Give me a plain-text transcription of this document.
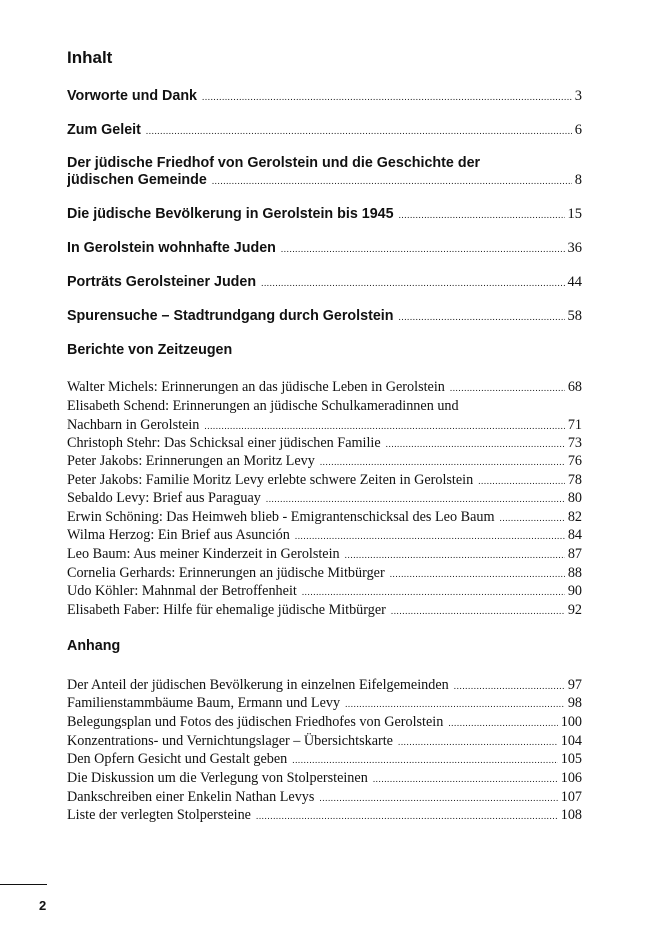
Inhalt
Vorworte und Dank .....	3
Zum Geleit .....	6
Der jüdische Friedhof von Gerolstein und die Geschichte der
jüdischen Gemeinde .....	8
Die jüdische Bevölkerung in Gerolstein bis 1945 .....	15
In Gerolstein wohnhafte Juden .....	36
Porträts Gerolsteiner Juden .....	44
Spurensuche – Stadtrundgang durch Gerolstein .....	58
Berichte von Zeitzeugen
Walter Michels: Erinnerungen an das jüdische Leben in Gerolstein .....	68
Elisabeth Schend: Erinnerungen an jüdische Schulkameradinnen und
Nachbarn in Gerolstein .....	71
Christoph Stehr: Das Schicksal einer jüdischen Familie .....	73
Peter Jakobs: Erinnerungen an Moritz Levy .....	76
Peter Jakobs: Familie Moritz Levy erlebte schwere Zeiten in Gerolstein .....	78
Sebaldo Levy: Brief aus Paraguay .....	80
Erwin Schöning: Das Heimweh blieb - Emigrantenschicksal des Leo Baum .....	82
Wilma Herzog: Ein Brief aus Asunción .....	84
Leo Baum: Aus meiner Kinderzeit in Gerolstein .....	87
Cornelia Gerhards: Erinnerungen an jüdische Mitbürger .....	88
Udo Köhler: Mahnmal der Betroffenheit .....	90
Elisabeth Faber: Hilfe für ehemalige jüdische Mitbürger .....	92
Anhang
Der Anteil der jüdischen Bevölkerung in einzelnen Eifelgemeinden .....	97
Familienstammbäume Baum, Ermann und Levy .....	98
Belegungsplan und Fotos des jüdischen Friedhofes von Gerolstein .....	100
Konzentrations- und Vernichtungslager – Übersichtskarte .....	104
Den Opfern Gesicht und Gestalt geben .....	105
Die Diskussion um die Verlegung von Stolpersteinen .....	106
Dankschreiben einer Enkelin Nathan Levys .....	107
Liste der verlegten Stolpersteine .....	108
2
